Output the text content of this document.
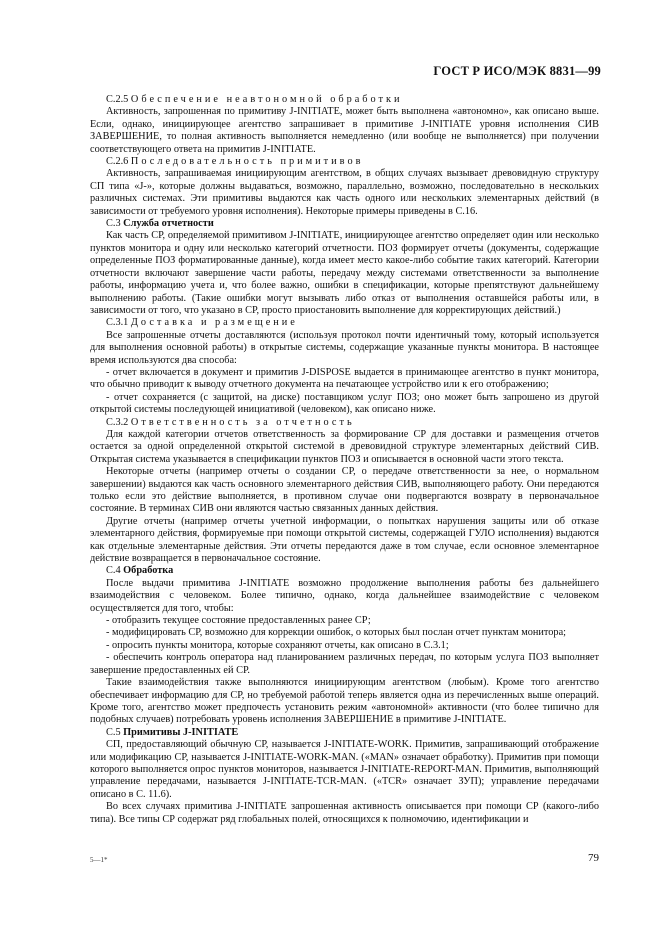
ГОСТ Р ИСО/МЭК 8831—99

С.2.5 Обеспечение неавтономной обработки

Активность, запрошенная по примитиву J-INITIATE, может быть выполнена «автономно», как описано выше. Если, однако, инициирующее агентство запрашивает в примитиве J-INITIATE уровня исполнения СИВ ЗАВЕРШЕНИЕ, то полная активность выполняется немедленно (или вообще не выполняется) при получении соответствующего ответа на примитив J-INITIATE.

С.2.6 Последовательность примитивов

Активность, запрашиваемая инициирующим агентством, в общих случаях вызывает древовидную структуру СП типа «J-», которые должны выдаваться, возможно, параллельно, возможно, последовательно в нескольких различных системах. Эти примитивы выдаются как часть одного или нескольких элементарных действий (в зависимости от требуемого уровня исполнения). Некоторые примеры приведены в С.16.

С.3 Служба отчетности

Как часть СР, определяемой примитивом J-INITIATE, инициирующее агентство определяет один или несколько пунктов монитора и одну или несколько категорий отчетности. ПОЗ формирует отчеты (документы, содержащие определенные ПОЗ форматированные данные), когда имеет место какое-либо событие таких категорий. Категории отчетности включают завершение части работы, передачу между системами ответственности за выполнение работы, информацию учета и, что более важно, ошибки в спецификации, которые препятствуют дальнейшему выполнению работы. (Такие ошибки могут вызывать либо отказ от выполнения оставшейся работы или, в зависимости от того, что указано в СР, просто приостановить выполнение для корректирующих действий.)

С.3.1 Доставка и размещение

Все запрошенные отчеты доставляются (используя протокол почти идентичный тому, который используется для выполнения основной работы) в открытые системы, содержащие указанные пункты монитора. В настоящее время используются два способа:

- отчет включается в документ и примитив J-DISPOSE выдается в принимающее агентство в пункт монитора, что обычно приводит к выводу отчетного документа на печатающее устройство или к его отображению;

- отчет сохраняется (с защитой, на диске) поставщиком услуг ПОЗ; оно может быть запрошено из другой открытой системы последующей инициативой (человеком), как описано ниже.

С.3.2 Ответственность за отчетность

Для каждой категории отчетов ответственность за формирование СР для доставки и размещения отчетов остается за одной определенной открытой системой в древовидной структуре элементарных действий СИВ. Открытая система указывается в спецификации пунктов ПОЗ и описывается в основной части этого текста.

Некоторые отчеты (например отчеты о создании СР, о передаче ответственности за нее, о нормальном завершении) выдаются как часть основного элементарного действия СИВ, выполняющего работу. Они передаются только если это действие выполняется, в противном случае они подвергаются возврату в первоначальное состояние. В терминах СИВ они являются частью связанных данных действия.

Другие отчеты (например отчеты учетной информации, о попытках нарушения защиты или об отказе элементарного действия, формируемые при помощи открытой системы, содержащей ГУЛО исполнения) выдаются как отдельные элементарные действия. Эти отчеты передаются даже в том случае, если основное элементарное действие возвращается в первоначальное состояние.

С.4 Обработка

После выдачи примитива J-INITIATE возможно продолжение выполнения работы без дальнейшего взаимодействия с человеком. Более типично, однако, когда дальнейшее взаимодействие с человеком осуществляется для того, чтобы:

- отобразить текущее состояние предоставленных ранее СР;

- модифицировать СР, возможно для коррекции ошибок, о которых был послан отчет пунктам монитора;

- опросить пункты монитора, которые сохраняют отчеты, как описано в С.3.1;

- обеспечить контроль оператора над планированием различных передач, по которым услуга ПОЗ выполняет завершение предоставленных ей СР.

Такие взаимодействия также выполняются инициирующим агентством (любым). Кроме того агентство обеспечивает информацию для СР, но требуемой работой теперь является одна из перечисленных выше операций. Кроме того, агентство может предпочесть установить режим «автономной» активности (что более типично для подобных случаев) потребовать уровень исполнения ЗАВЕРШЕНИЕ в примитиве J-INITIATE.

С.5 Примитивы J-INITIATE

СП, предоставляющий обычную СР, называется J-INITIATE-WORK. Примитив, запрашивающий отображение или модификацию СР, называется J-INITIATE-WORK-MAN. («MAN» означает обработку). Примитив при помощи которого выполняется опрос пунктов мониторов, называется J-INITIATE-REPORT-MAN. Примитив, выполняющий управление передачами, называется J-INITIATE-TCR-MAN. («TCR» означает ЗУП); управление передачами описано в С. 11.6).

Во всех случаях примитива J-INITIATE запрошенная активность описывается при помощи СР (какого-либо типа). Все типы СР содержат ряд глобальных полей, относящихся к полномочию, идентификации и

5—1*	79
